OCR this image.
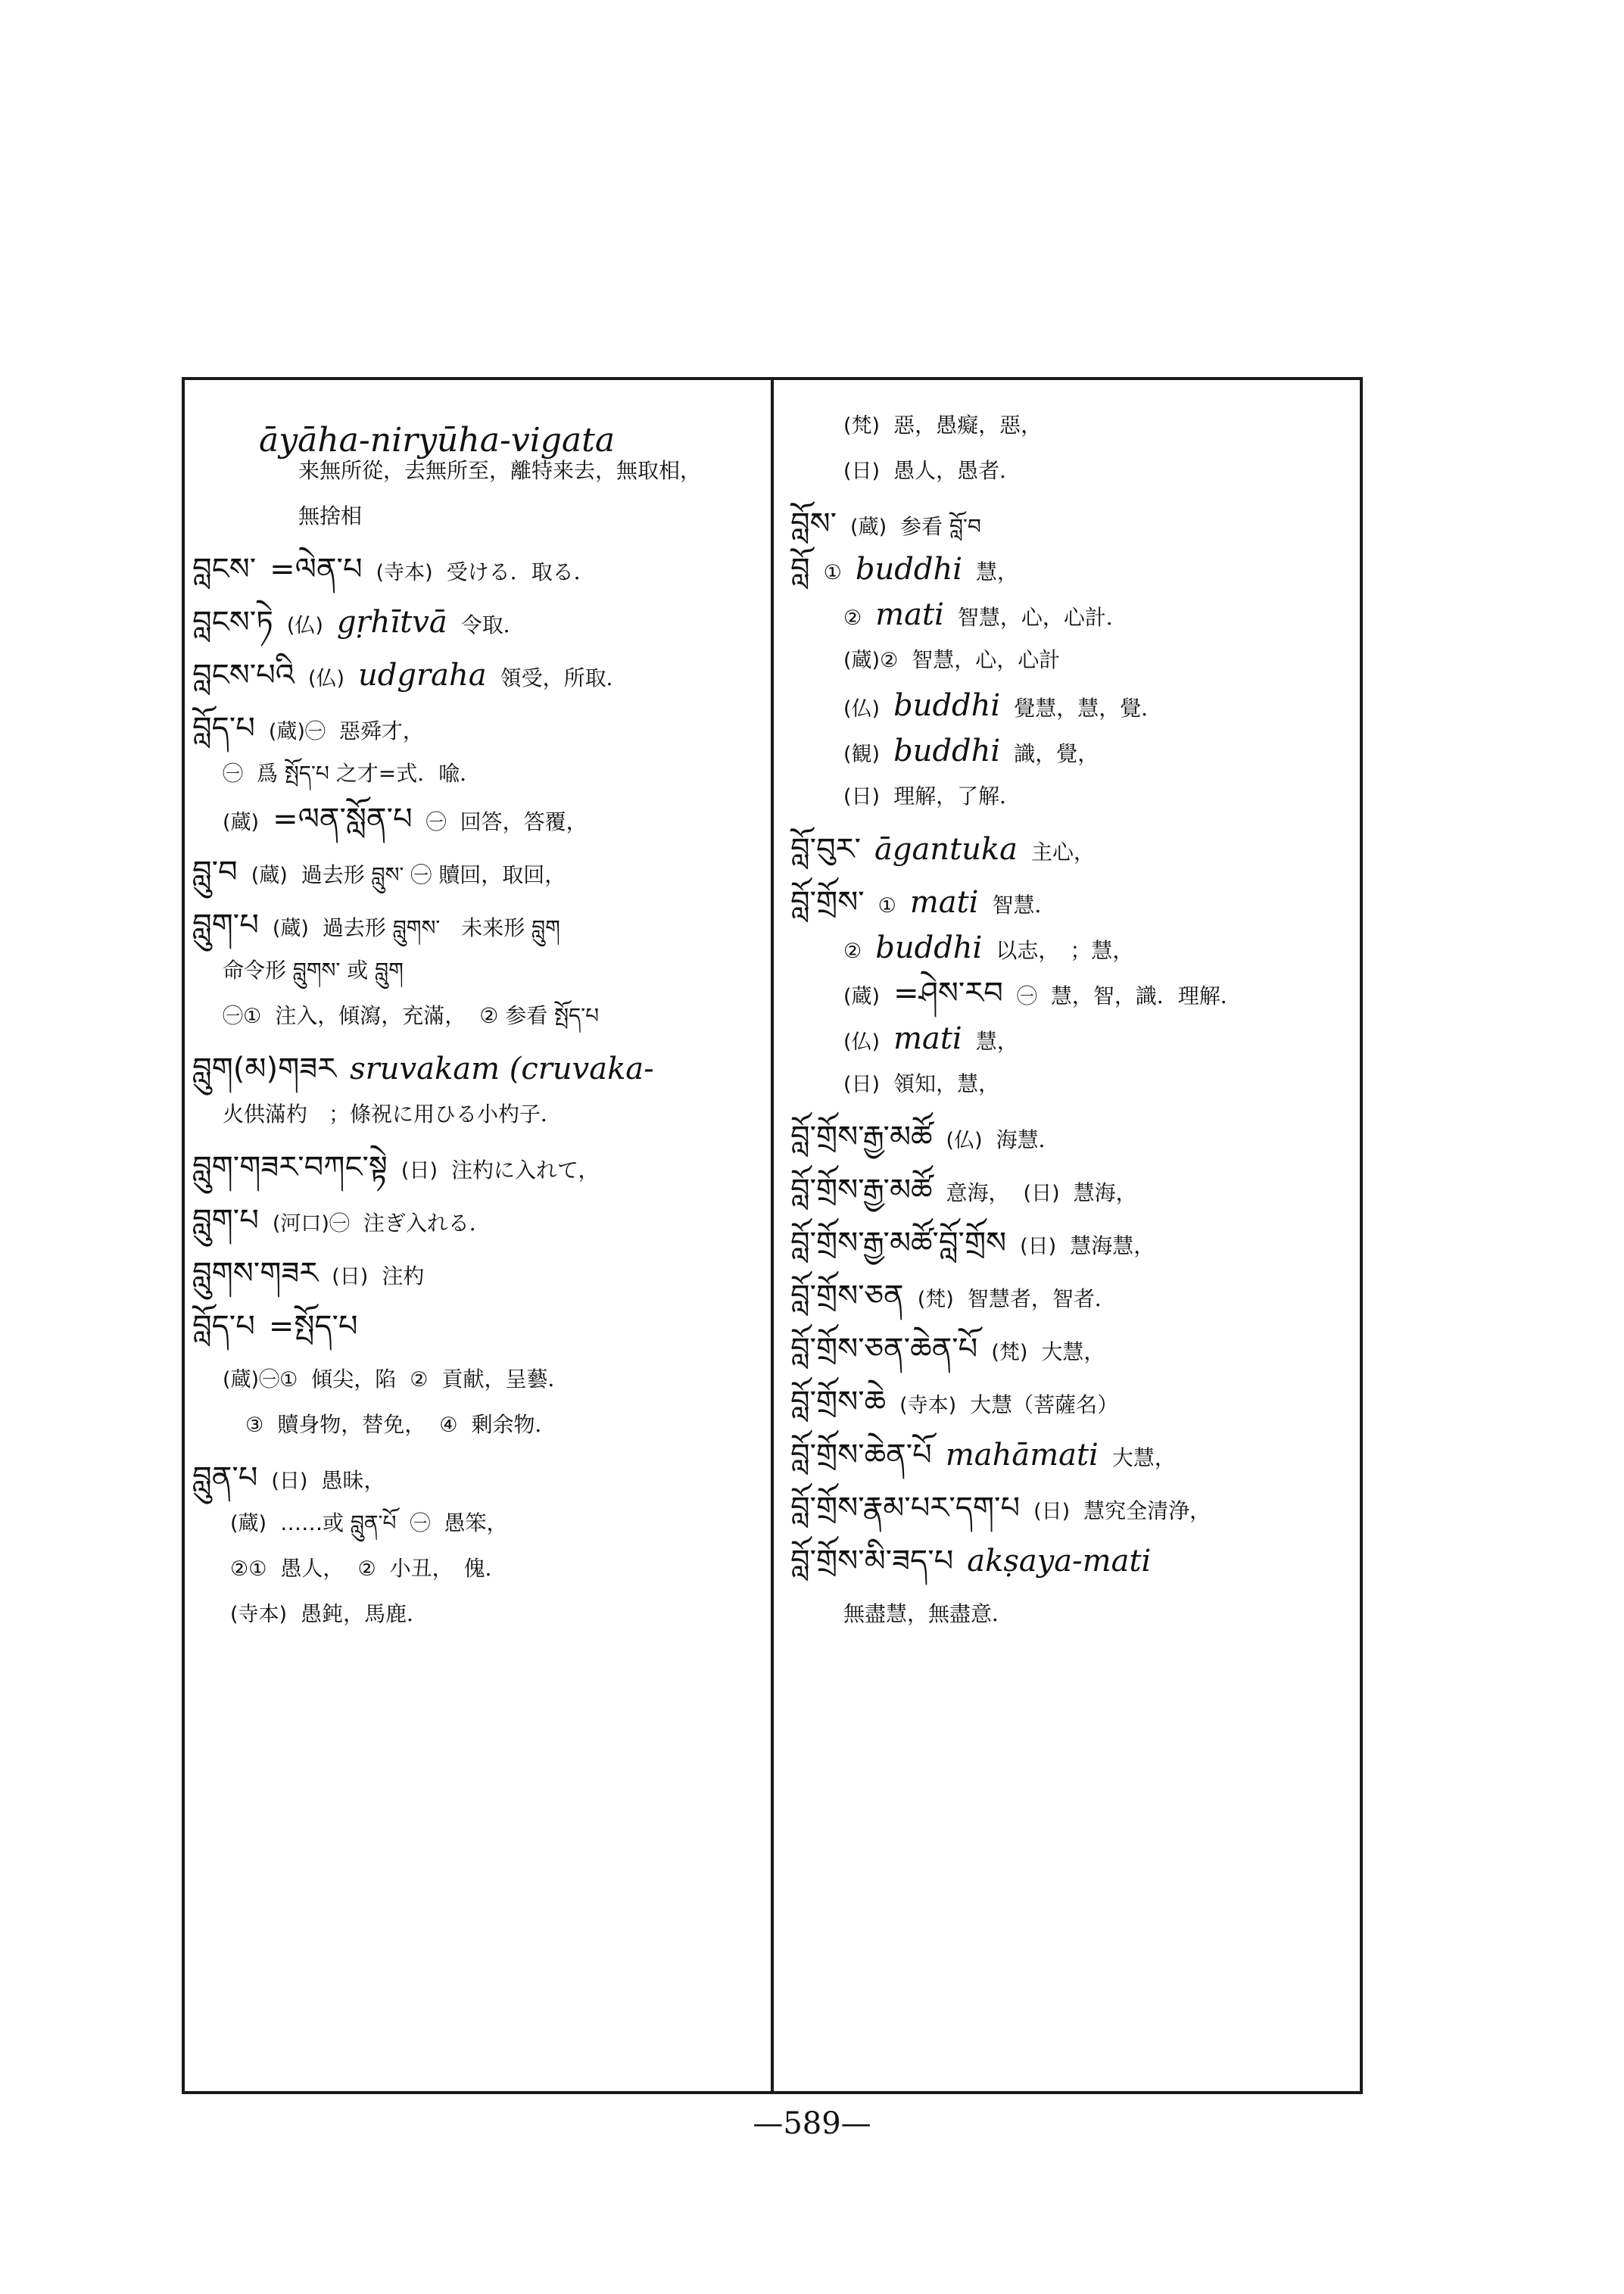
āyāha-niryūha-vigata
来無所從，去無所至，離特来去，無取相，
無捨相
བླངས་ =ལེན་པ (寺本) 受ける．取る．
བླངས་ཏེ (仏) gṛhītvā 令取．
བླངས་པའི (仏) udgraha 領受，所取．
བློད་པ (蔵)㊀ 惡舜才，
㊀ 爲 སྤོད་པ 之才=式．喩．
(蔵) =ལན་སློན་པ ㊀ 回答，答覆，
བླུ་བ (蔵) 過去形 བླུས་ ㊀ 贖回，取回，
བླུག་པ (蔵) 過去形 བླུགས་　未来形 བླུག
命令形 བླུགས་ 或 བླུག
㊀① 注入，傾瀉，充滿， ② 参看 སྤོད་པ
བླུག(མ)གཟར sruvakam (cruvaka-
火供滿杓　；條祝に用ひる小杓子．
བླུག་གཟར་བཀང་སྟེ (日) 注杓に入れて，
བླུག་པ (河口)㊀ 注ぎ入れる．
བླུགས་གཟར (日) 注杓
བློད་པ =སྤོད་པ
(蔵)㊀① 傾尖，陷 ② 貢献，呈藝．
③ 贖身物，替免， ④ 剰余物．
བླུན་པ (日) 愚昧，
(蔵) ……或 བླུན་པོ ㊀ 愚笨，
②① 愚人， ② 小丑，　傀．
(寺本) 愚鈍，馬鹿．
(梵) 惡，愚癡，惡，
(日) 愚人，愚者．
བློས་ (蔵) 参看 བློ་བ
བློ ① buddhi 慧，
② mati 智慧，心，心計．
(蔵)② 智慧，心，心計
(仏) buddhi 覺慧，慧，覺．
(観) buddhi 識，覺，
(日) 理解，了解．
བློ་བུར་ āgantuka 主心，
བློ་གྲོས་ ① mati 智慧．
② buddhi 以志，　；慧，
(蔵) =ཤེས་རབ ㊀ 慧，智，識．理解．
(仏) mati 慧，
(日) 領知，慧，
བློ་གྲོས་རྒྱ་མཚོ (仏) 海慧．
བློ་གྲོས་རྒྱ་མཚོ 意海， (日) 慧海，
བློ་གྲོས་རྒྱ་མཚོ་བློ་གྲོས (日) 慧海慧，
བློ་གྲོས་ཅན (梵) 智慧者，智者．
བློ་གྲོས་ཅན་ཆེན་པོ (梵) 大慧，
བློ་གྲོས་ཆེ (寺本) 大慧（菩薩名）
བློ་གྲོས་ཆེན་པོ mahāmati 大慧，
བློ་གྲོས་རྣམ་པར་དག་པ (日) 慧究全清浄，
བློ་གྲོས་མི་ཟད་པ akṣaya-mati
無盡慧，無盡意．
—589—
